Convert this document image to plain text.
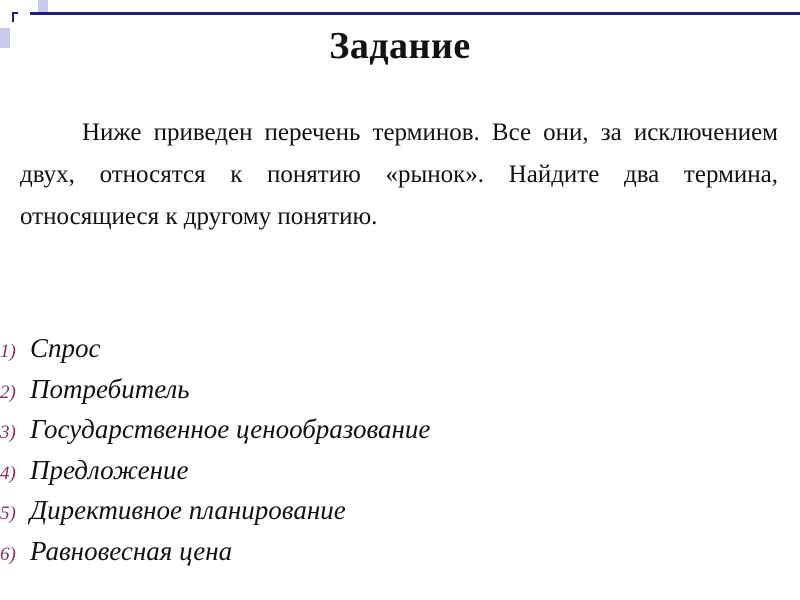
Задание

Ниже приведен перечень терминов. Все они, за исключением двух, относятся к понятию «рынок». Найдите два термина, относящиеся к другому понятию.

1) Спрос
2) Потребитель
3) Государственное ценообразование
4) Предложение
5) Директивное планирование
6) Равновесная цена
